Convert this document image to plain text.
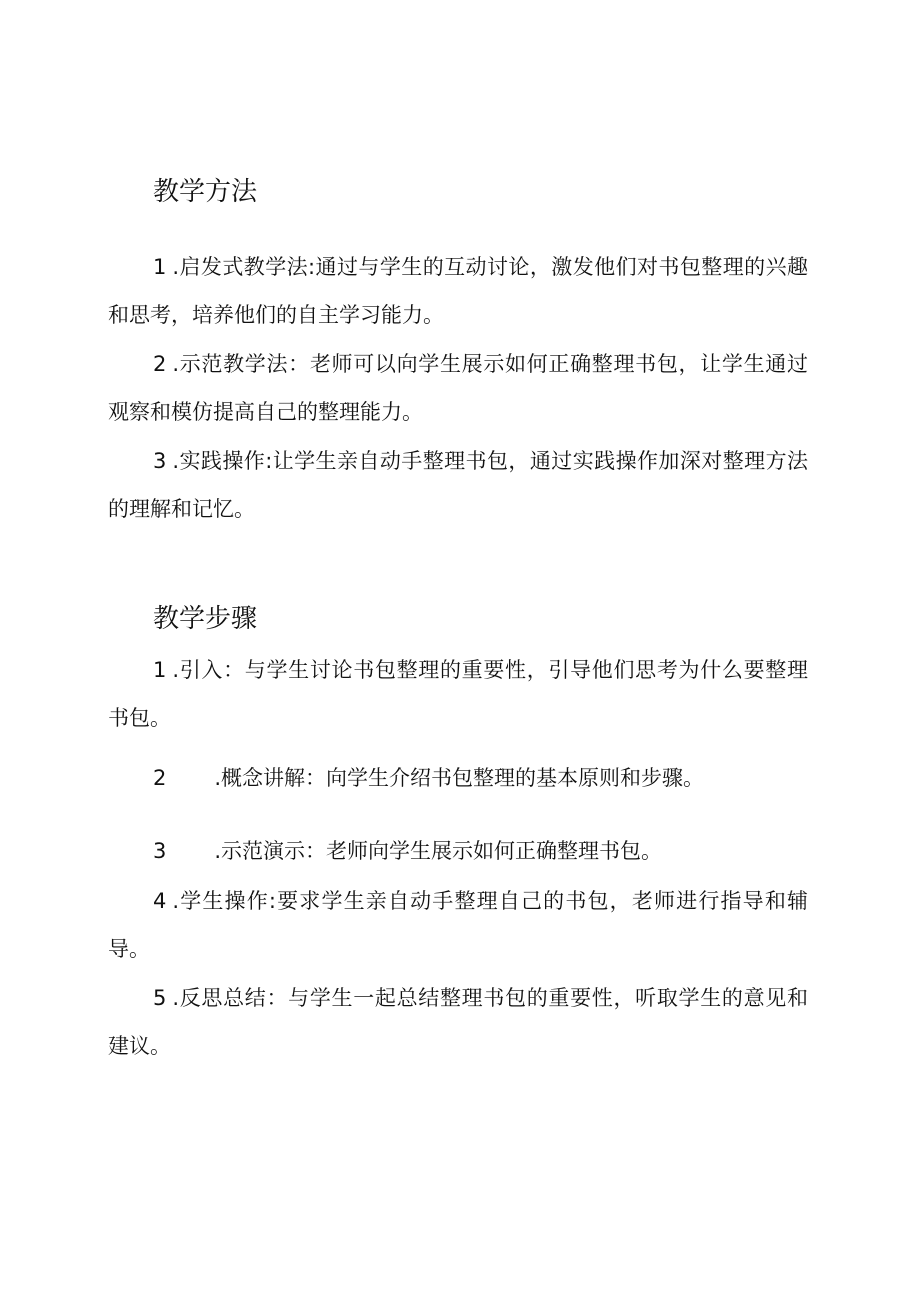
教学方法

1 .启发式教学法:通过与学生的互动讨论，激发他们对书包整理的兴趣和思考，培养他们的自主学习能力。

2 .示范教学法：老师可以向学生展示如何正确整理书包，让学生通过观察和模仿提高自己的整理能力。

3 .实践操作:让学生亲自动手整理书包，通过实践操作加深对整理方法的理解和记忆。

教学步骤

1 .引入：与学生讨论书包整理的重要性，引导他们思考为什么要整理书包。

2 .概念讲解：向学生介绍书包整理的基本原则和步骤。

3 .示范演示：老师向学生展示如何正确整理书包。

4 .学生操作:要求学生亲自动手整理自己的书包，老师进行指导和辅导。

5 .反思总结：与学生一起总结整理书包的重要性，听取学生的意见和建议。
